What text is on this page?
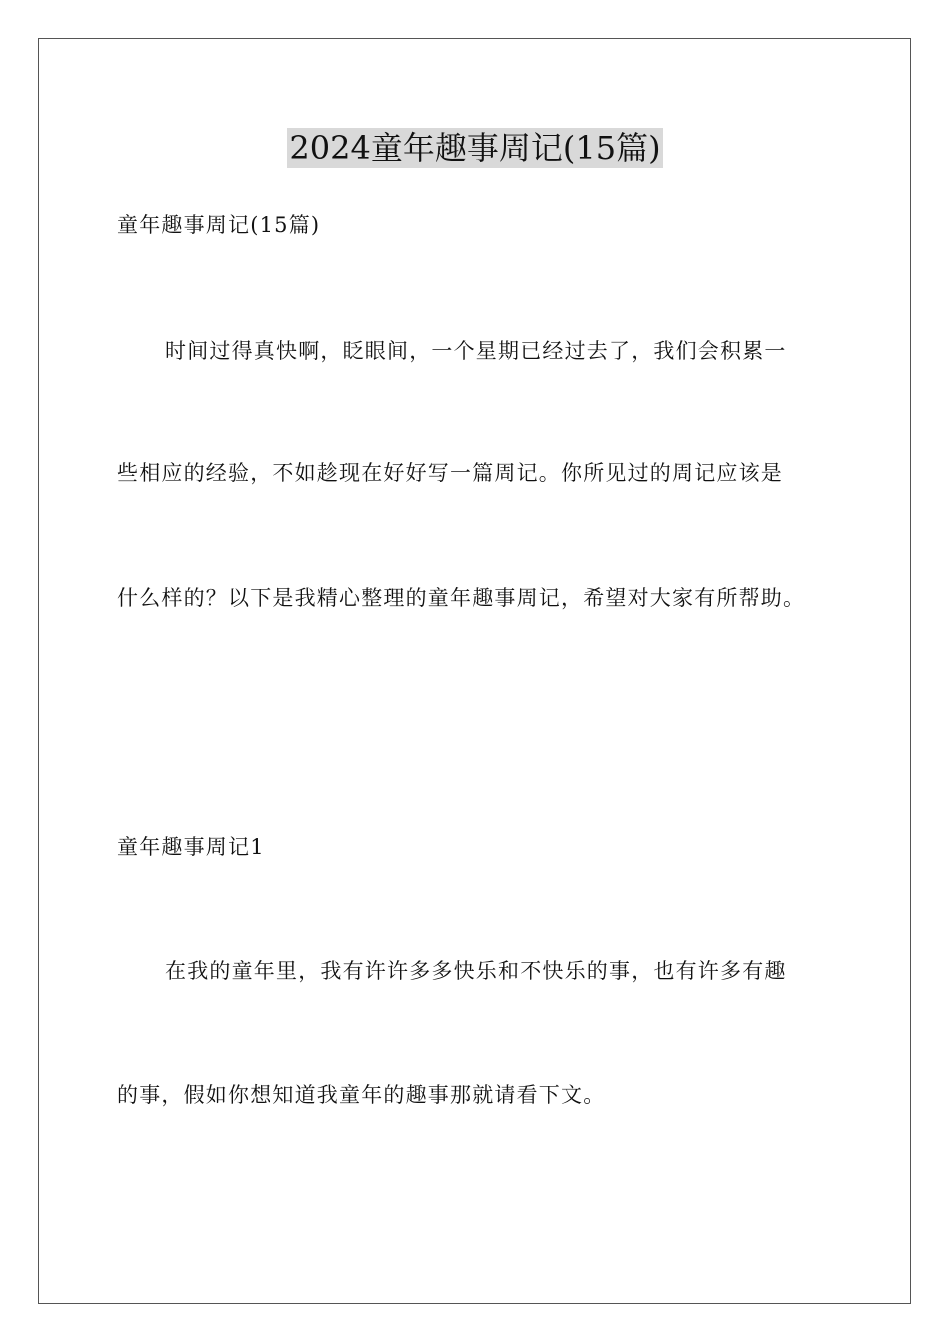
2024童年趣事周记(15篇)

童年趣事周记(15篇)

时间过得真快啊，眨眼间，一个星期已经过去了，我们会积累一

些相应的经验，不如趁现在好好写一篇周记。你所见过的周记应该是

什么样的？以下是我精心整理的童年趣事周记，希望对大家有所帮助。

童年趣事周记1

在我的童年里，我有许许多多快乐和不快乐的事，也有许多有趣

的事，假如你想知道我童年的趣事那就请看下文。
